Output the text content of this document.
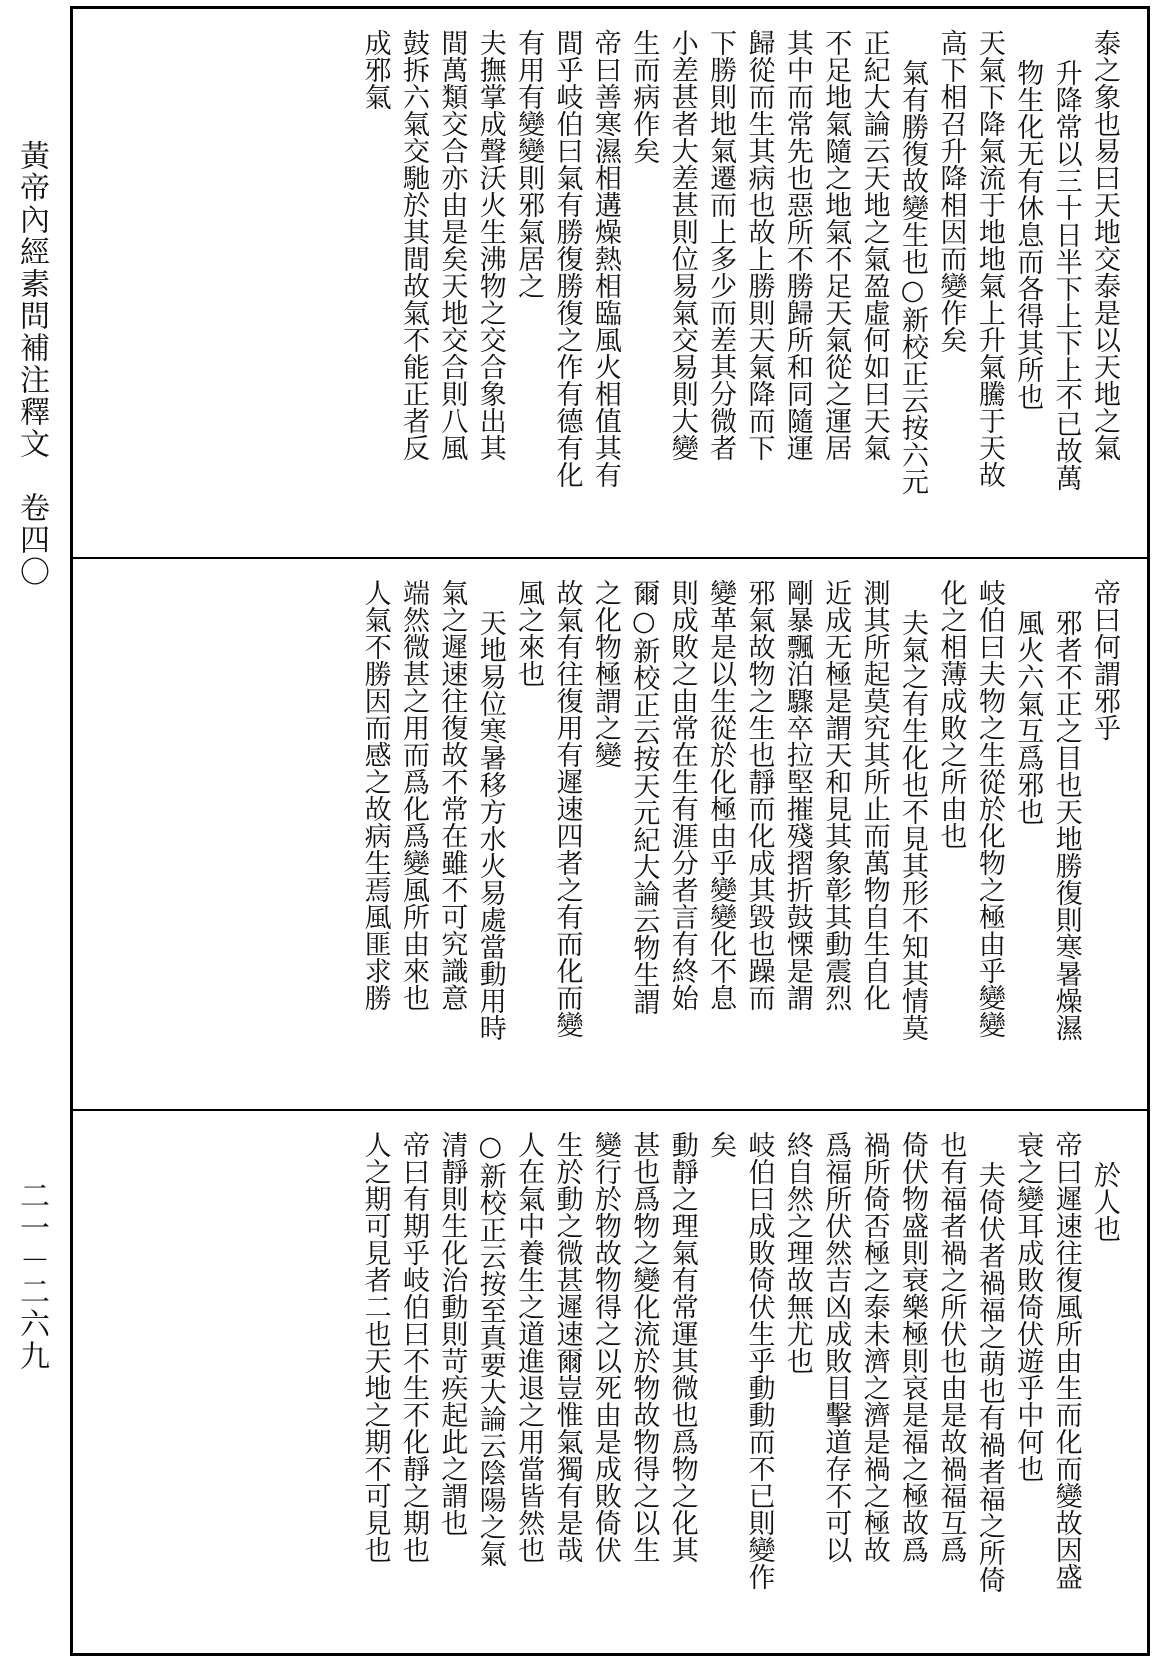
黃帝內經素問補注釋文　卷四〇
二一－二六九
泰之象也易曰天地交泰是以天地之氣
升降常以三十日半下上下上不已故萬
物生化无有休息而各得其所也
天氣下降氣流于地地氣上升氣騰于天故
高下相召升降相因而變作矣
氣有勝復故變生也○新校正云按六元
正紀大論云天地之氣盈虛何如曰天氣
不足地氣隨之地氣不足天氣從之運居
其中而常先也惡所不勝歸所和同隨運
歸從而生其病也故上勝則天氣降而下
下勝則地氣遷而上多少而差其分微者
小差甚者大差甚則位易氣交易則大變
生而病作矣
帝曰善寒濕相遘燥熱相臨風火相值其有
間乎岐伯曰氣有勝復勝復之作有德有化
有用有變變則邪氣居之
夫撫掌成聲沃火生沸物之交合象出其
間萬類交合亦由是矣天地交合則八風
鼓拆六氣交馳於其間故氣不能正者反
成邪氣
帝曰何謂邪乎
邪者不正之目也天地勝復則寒暑燥濕
風火六氣互爲邪也
岐伯曰夫物之生從於化物之極由乎變變
化之相薄成敗之所由也
夫氣之有生化也不見其形不知其情莫
測其所起莫究其所止而萬物自生自化
近成无極是謂天和見其象彰其動震烈
剛暴飄泊驟卒拉堅摧殘摺折鼓慄是謂
邪氣故物之生也靜而化成其毀也躁而
變革是以生從於化極由乎變變化不息
則成敗之由常在生有涯分者言有終始
爾○新校正云按天元紀大論云物生謂
之化物極謂之變
故氣有往復用有遲速四者之有而化而變
風之來也
天地易位寒暑移方水火易處當動用時
氣之遲速往復故不常在雖不可究識意
端然微甚之用而爲化爲變風所由來也
人氣不勝因而感之故病生焉風匪求勝
於人也
帝曰遲速往復風所由生而化而變故因盛
衰之變耳成敗倚伏遊乎中何也
夫倚伏者禍福之萌也有禍者福之所倚
也有福者禍之所伏也由是故禍福互爲
倚伏物盛則衰樂極則哀是福之極故爲
禍所倚否極之泰未濟之濟是禍之極故
爲福所伏然吉凶成敗目擊道存不可以
終自然之理故無尤也
岐伯曰成敗倚伏生乎動動而不已則變作
矣
動靜之理氣有常運其微也爲物之化其
甚也爲物之變化流於物故物得之以生
變行於物故物得之以死由是成敗倚伏
生於動之微甚遲速爾豈惟氣獨有是哉
人在氣中養生之道進退之用當皆然也
○新校正云按至真要大論云陰陽之氣
清靜則生化治動則苛疾起此之謂也
帝曰有期乎岐伯曰不生不化靜之期也
人之期可見者二也天地之期不可見也
